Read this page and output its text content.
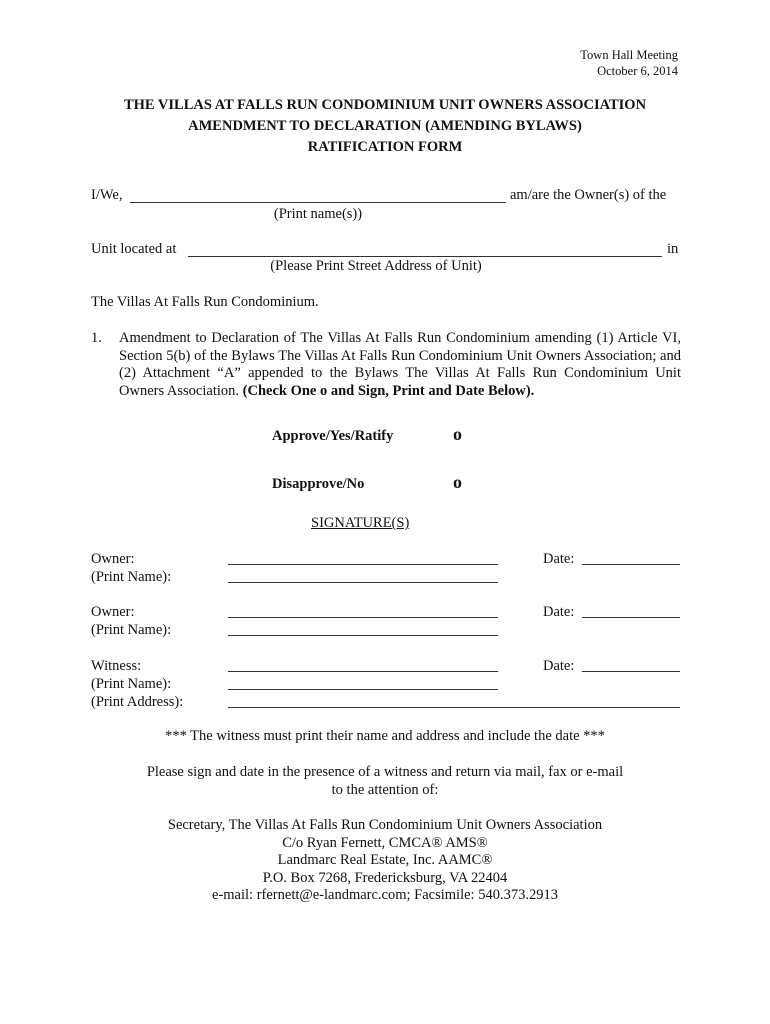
Town Hall Meeting
October 6, 2014
THE VILLAS AT FALLS RUN CONDOMINIUM UNIT OWNERS ASSOCIATION
AMENDMENT TO DECLARATION (AMENDING BYLAWS)
RATIFICATION FORM
I/We,	am/are the Owner(s) of the
(Print name(s))
Unit located at	in
(Please Print Street Address of Unit)
The Villas At Falls Run Condominium.
1. Amendment to Declaration of The Villas At Falls Run Condominium amending (1) Article VI, Section 5(b) of the Bylaws The Villas At Falls Run Condominium Unit Owners Association; and (2) Attachment “A” appended to the Bylaws The Villas At Falls Run Condominium Unit Owners Association. (Check One o and Sign, Print and Date Below).
Approve/Yes/Ratify	o
Disapprove/No	o
SIGNATURE(S)
Owner:	Date:
(Print Name):
Owner:	Date:
(Print Name):
Witness:	Date:
(Print Name):
(Print Address):
*** The witness must print their name and address and include the date ***
Please sign and date in the presence of a witness and return via mail, fax or e-mail
to the attention of:
Secretary, The Villas At Falls Run Condominium Unit Owners Association
C/o Ryan Fernett, CMCA® AMS®
Landmarc Real Estate, Inc. AAMC®
P.O. Box 7268, Fredericksburg, VA 22404
e-mail: rfernett@e-landmarc.com; Facsimile: 540.373.2913
